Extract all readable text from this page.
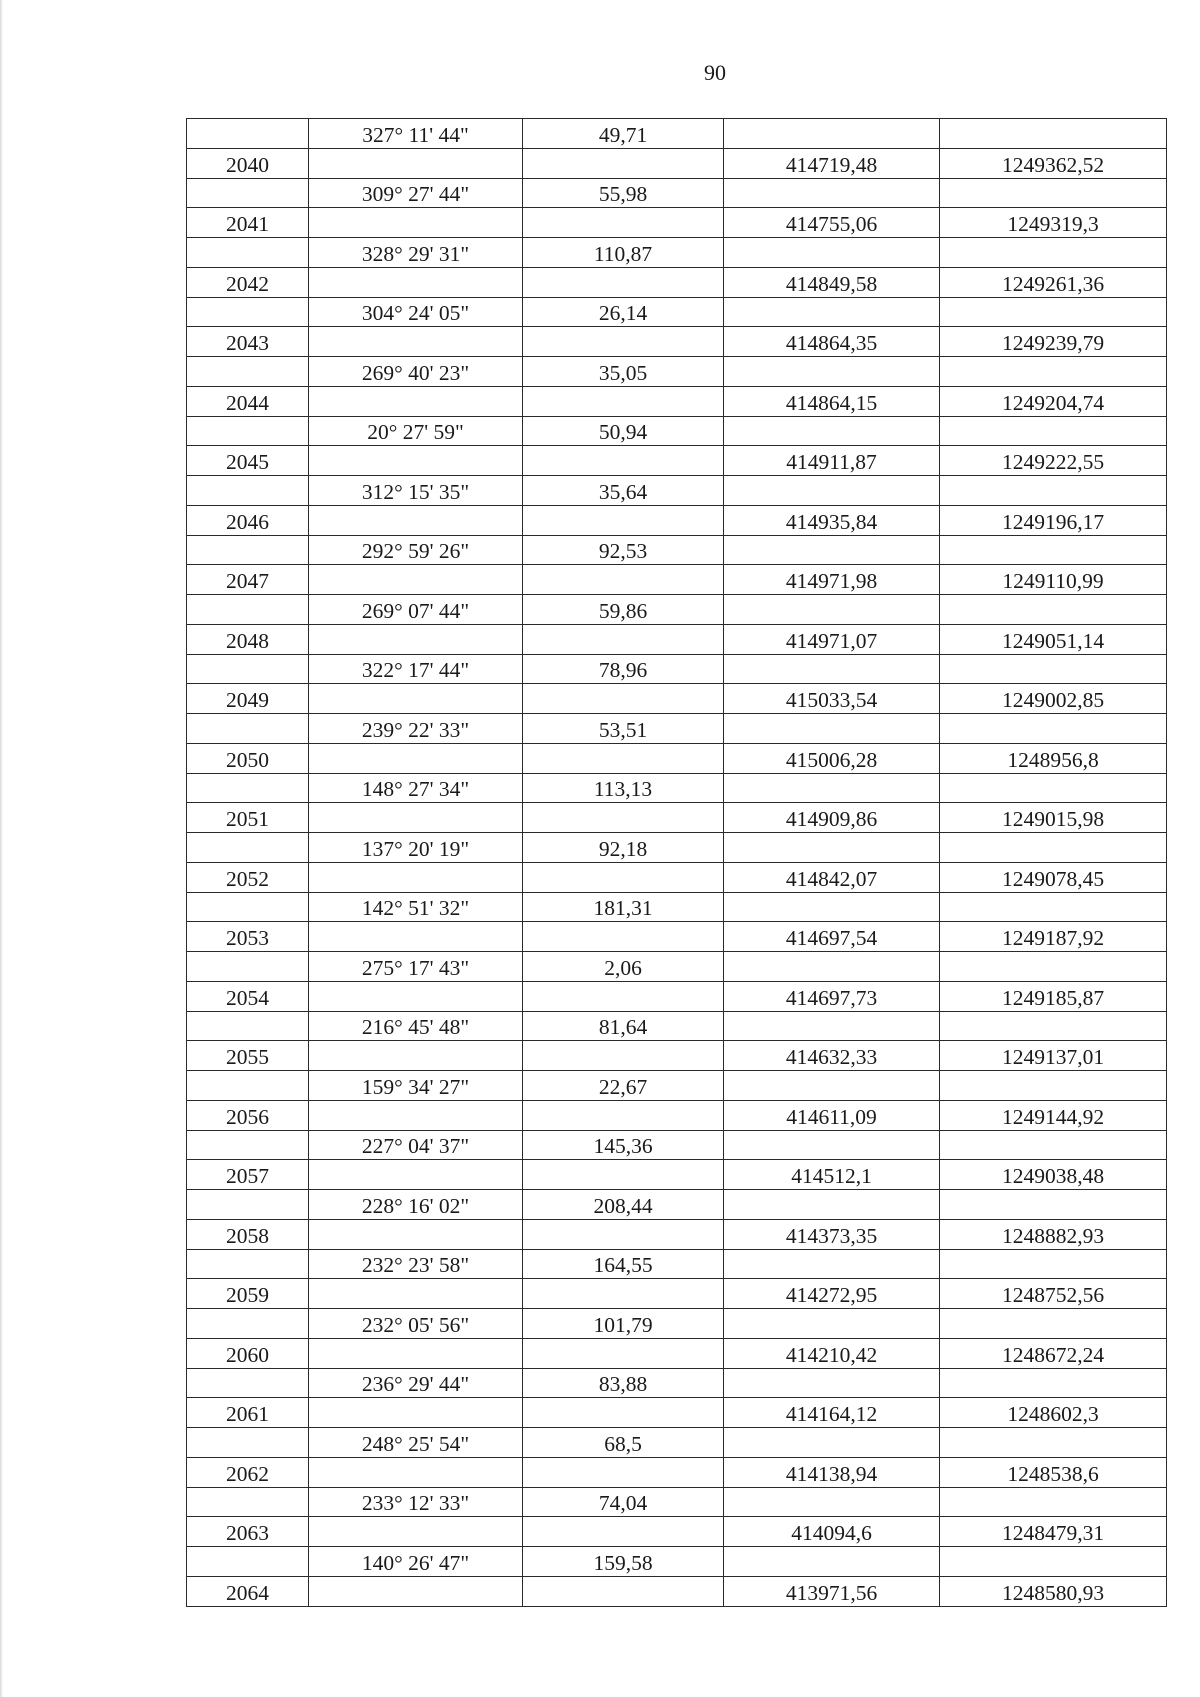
90
	327° 11' 44"	49,71		
2040			414719,48	1249362,52
	309° 27' 44"	55,98		
2041			414755,06	1249319,3
	328° 29' 31"	110,87		
2042			414849,58	1249261,36
	304° 24' 05"	26,14		
2043			414864,35	1249239,79
	269° 40' 23"	35,05		
2044			414864,15	1249204,74
	20° 27' 59"	50,94		
2045			414911,87	1249222,55
	312° 15' 35"	35,64		
2046			414935,84	1249196,17
	292° 59' 26"	92,53		
2047			414971,98	1249110,99
	269° 07' 44"	59,86		
2048			414971,07	1249051,14
	322° 17' 44"	78,96		
2049			415033,54	1249002,85
	239° 22' 33"	53,51		
2050			415006,28	1248956,8
	148° 27' 34"	113,13		
2051			414909,86	1249015,98
	137° 20' 19"	92,18		
2052			414842,07	1249078,45
	142° 51' 32"	181,31		
2053			414697,54	1249187,92
	275° 17' 43"	2,06		
2054			414697,73	1249185,87
	216° 45' 48"	81,64		
2055			414632,33	1249137,01
	159° 34' 27"	22,67		
2056			414611,09	1249144,92
	227° 04' 37"	145,36		
2057			414512,1	1249038,48
	228° 16' 02"	208,44		
2058			414373,35	1248882,93
	232° 23' 58"	164,55		
2059			414272,95	1248752,56
	232° 05' 56"	101,79		
2060			414210,42	1248672,24
	236° 29' 44"	83,88		
2061			414164,12	1248602,3
	248° 25' 54"	68,5		
2062			414138,94	1248538,6
	233° 12' 33"	74,04		
2063			414094,6	1248479,31
	140° 26' 47"	159,58		
2064			413971,56	1248580,93
